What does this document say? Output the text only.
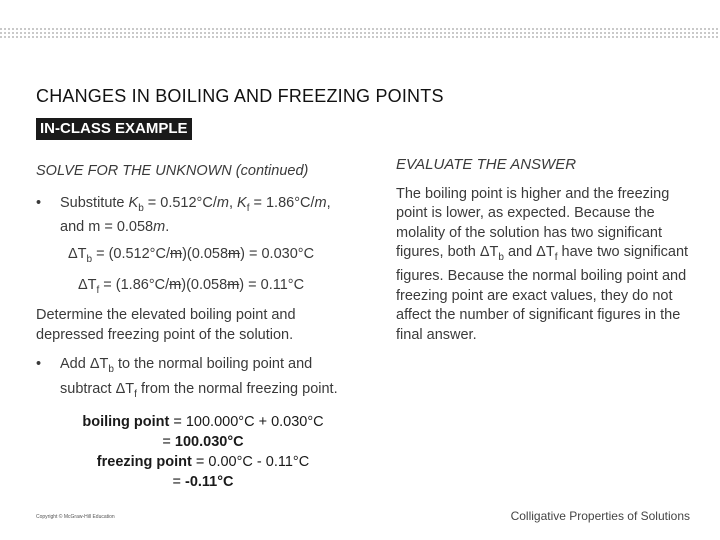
CHANGES IN BOILING AND FREEZING POINTS
IN-CLASS EXAMPLE
SOLVE FOR THE UNKNOWN (continued)
• Substitute $K_b = 0.512^\circ C/m$, $K_f = 1.86^\circ C/m$, and m = 0.058m.
$\Delta T_b = (0.512^\circ C/m)(0.058m) = 0.030^\circ C$
$\Delta T_f = (1.86^\circ C/m)(0.058m) = 0.11^\circ C$
Determine the elevated boiling point and depressed freezing point of the solution.
• Add $\Delta T_b$ to the normal boiling point and subtract $\Delta T_f$ from the normal freezing point.
boiling point = 100.000°C + 0.030°C
= 100.030°C
freezing point = 0.00°C - 0.11°C
= -0.11°C
EVALUATE THE ANSWER
The boiling point is higher and the freezing point is lower, as expected. Because the molality of the solution has two significant figures, both $\Delta T_b$ and $\Delta T_f$ have two significant figures. Because the normal boiling point and freezing point are exact values, they do not affect the number of significant figures in the final answer.
Copyright © McGraw-Hill Education	Colligative Properties of Solutions
